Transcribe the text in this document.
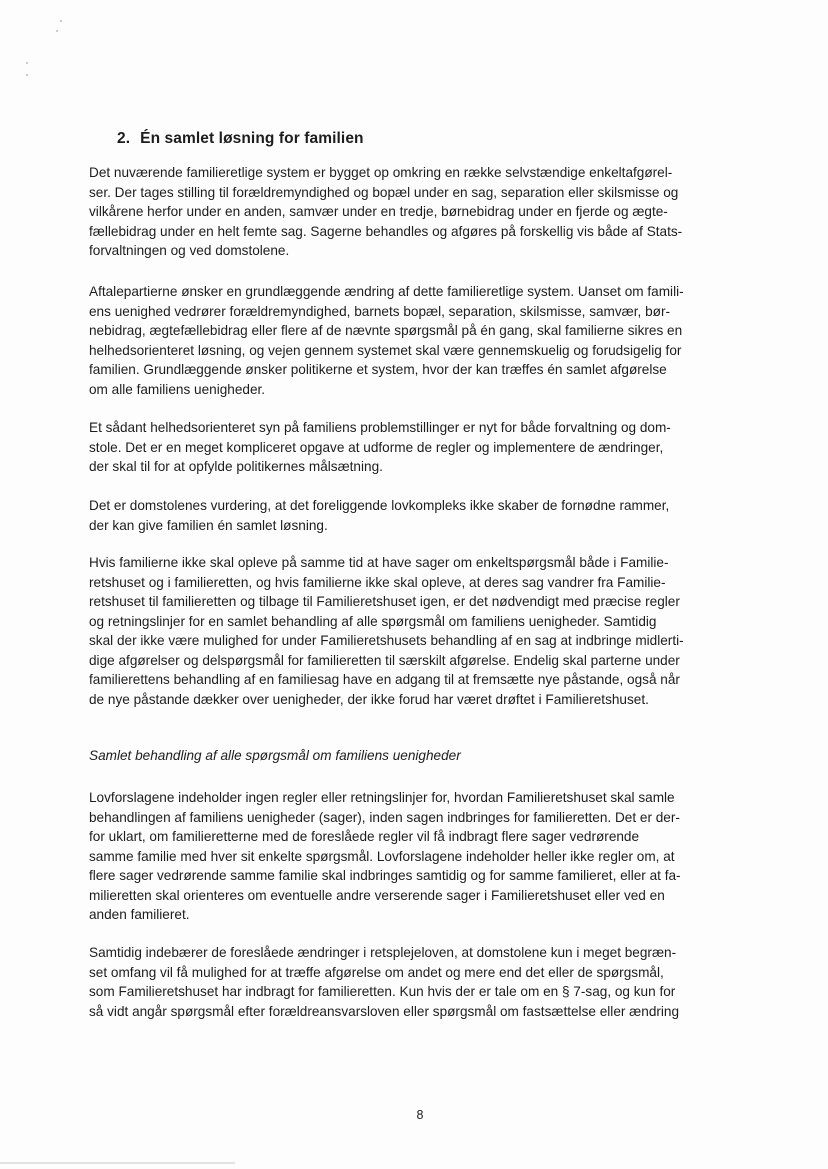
2. Én samlet løsning for familien
Det nuværende familieretlige system er bygget op omkring en række selvstændige enkeltafgørel-
ser. Der tages stilling til forældremyndighed og bopæl under en sag, separation eller skilsmisse og
vilkårene herfor under en anden, samvær under en tredje, børnebidrag under en fjerde og ægte-
fællebidrag under en helt femte sag. Sagerne behandles og afgøres på forskellig vis både af Stats-
forvaltningen og ved domstolene.
Aftalepartierne ønsker en grundlæggende ændring af dette familieretlige system. Uanset om famili-
ens uenighed vedrører forældremyndighed, barnets bopæl, separation, skilsmisse, samvær, bør-
nebidrag, ægtefællebidrag eller flere af de nævnte spørgsmål på én gang, skal familierne sikres en
helhedsorienteret løsning, og vejen gennem systemet skal være gennemskuelig og forudsigelig for
familien. Grundlæggende ønsker politikerne et system, hvor der kan træffes én samlet afgørelse
om alle familiens uenigheder.
Et sådant helhedsorienteret syn på familiens problemstillinger er nyt for både forvaltning og dom-
stole. Det er en meget kompliceret opgave at udforme de regler og implementere de ændringer,
der skal til for at opfylde politikernes målsætning.
Det er domstolenes vurdering, at det foreliggende lovkompleks ikke skaber de fornødne rammer,
der kan give familien én samlet løsning.
Hvis familierne ikke skal opleve på samme tid at have sager om enkeltspørgsmål både i Familie-
retshuset og i familieretten, og hvis familierne ikke skal opleve, at deres sag vandrer fra Familie-
retshuset til familieretten og tilbage til Familieretshuset igen, er det nødvendigt med præcise regler
og retningslinjer for en samlet behandling af alle spørgsmål om familiens uenigheder. Samtidig
skal der ikke være mulighed for under Familieretshusets behandling af en sag at indbringe midlerti-
dige afgørelser og delspørgsmål for familieretten til særskilt afgørelse. Endelig skal parterne under
familierettens behandling af en familiesag have en adgang til at fremsætte nye påstande, også når
de nye påstande dækker over uenigheder, der ikke forud har været drøftet i Familieretshuset.
Samlet behandling af alle spørgsmål om familiens uenigheder
Lovforslagene indeholder ingen regler eller retningslinjer for, hvordan Familieretshuset skal samle
behandlingen af familiens uenigheder (sager), inden sagen indbringes for familieretten. Det er der-
for uklart, om familieretterne med de foreslåede regler vil få indbragt flere sager vedrørende
samme familie med hver sit enkelte spørgsmål. Lovforslagene indeholder heller ikke regler om, at
flere sager vedrørende samme familie skal indbringes samtidig og for samme familieret, eller at fa-
milieretten skal orienteres om eventuelle andre verserende sager i Familieretshuset eller ved en
anden familieret.
Samtidig indebærer de foreslåede ændringer i retsplejeloven, at domstolene kun i meget begræn-
set omfang vil få mulighed for at træffe afgørelse om andet og mere end det eller de spørgsmål,
som Familieretshuset har indbragt for familieretten. Kun hvis der er tale om en § 7-sag, og kun for
så vidt angår spørgsmål efter forældreansvarsloven eller spørgsmål om fastsættelse eller ændring
8
